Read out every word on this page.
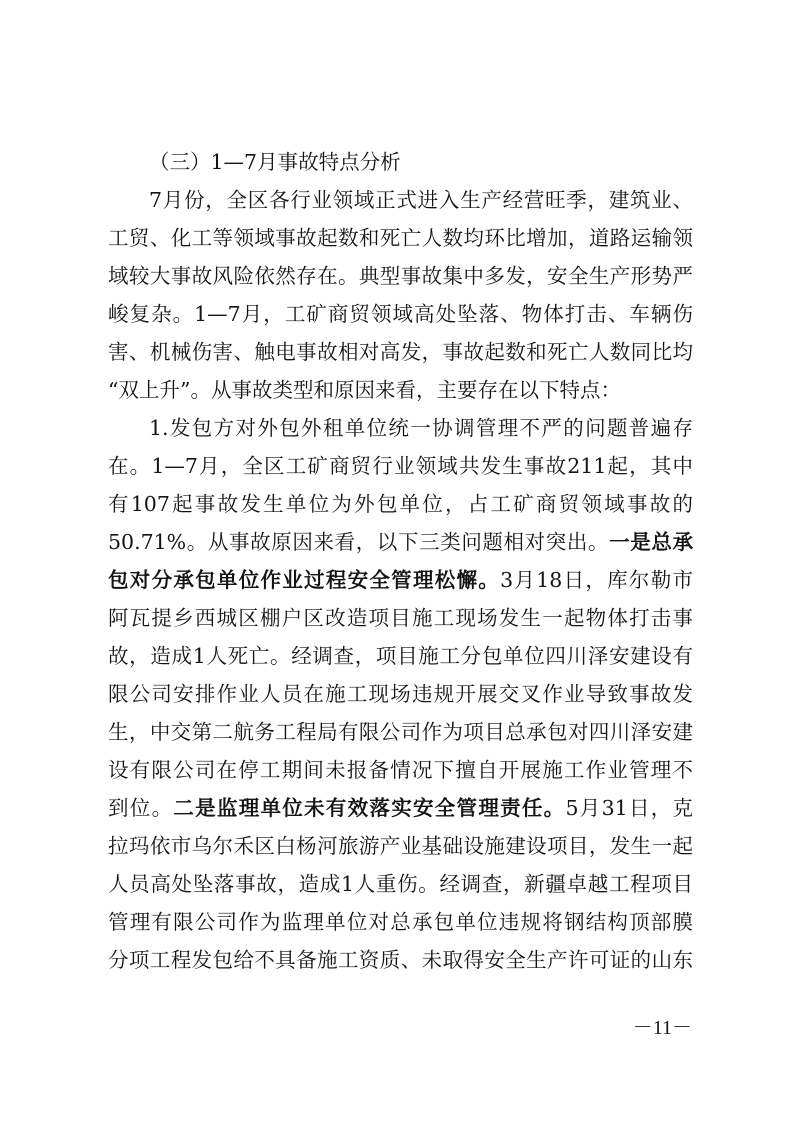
（三）1—7月事故特点分析
7月份，全区各行业领域正式进入生产经营旺季，建筑业、
工贸、化工等领域事故起数和死亡人数均环比增加，道路运输领
域较大事故风险依然存在。典型事故集中多发，安全生产形势严
峻复杂。1—7月，工矿商贸领域高处坠落、物体打击、车辆伤
害、机械伤害、触电事故相对高发，事故起数和死亡人数同比均
“双上升”。从事故类型和原因来看，主要存在以下特点：
1.发包方对外包外租单位统一协调管理不严的问题普遍存
在。1—7月，全区工矿商贸行业领域共发生事故211起，其中
有107起事故发生单位为外包单位，占工矿商贸领域事故的
50.71%。从事故原因来看，以下三类问题相对突出。一是总承
包对分承包单位作业过程安全管理松懈。3月18日，库尔勒市
阿瓦提乡西城区棚户区改造项目施工现场发生一起物体打击事
故，造成1人死亡。经调查，项目施工分包单位四川泽安建设有
限公司安排作业人员在施工现场违规开展交叉作业导致事故发
生，中交第二航务工程局有限公司作为项目总承包对四川泽安建
设有限公司在停工期间未报备情况下擅自开展施工作业管理不
到位。二是监理单位未有效落实安全管理责任。5月31日，克
拉玛依市乌尔禾区白杨河旅游产业基础设施建设项目，发生一起
人员高处坠落事故，造成1人重伤。经调查，新疆卓越工程项目
管理有限公司作为监理单位对总承包单位违规将钢结构顶部膜
分项工程发包给不具备施工资质、未取得安全生产许可证的山东
－11－
